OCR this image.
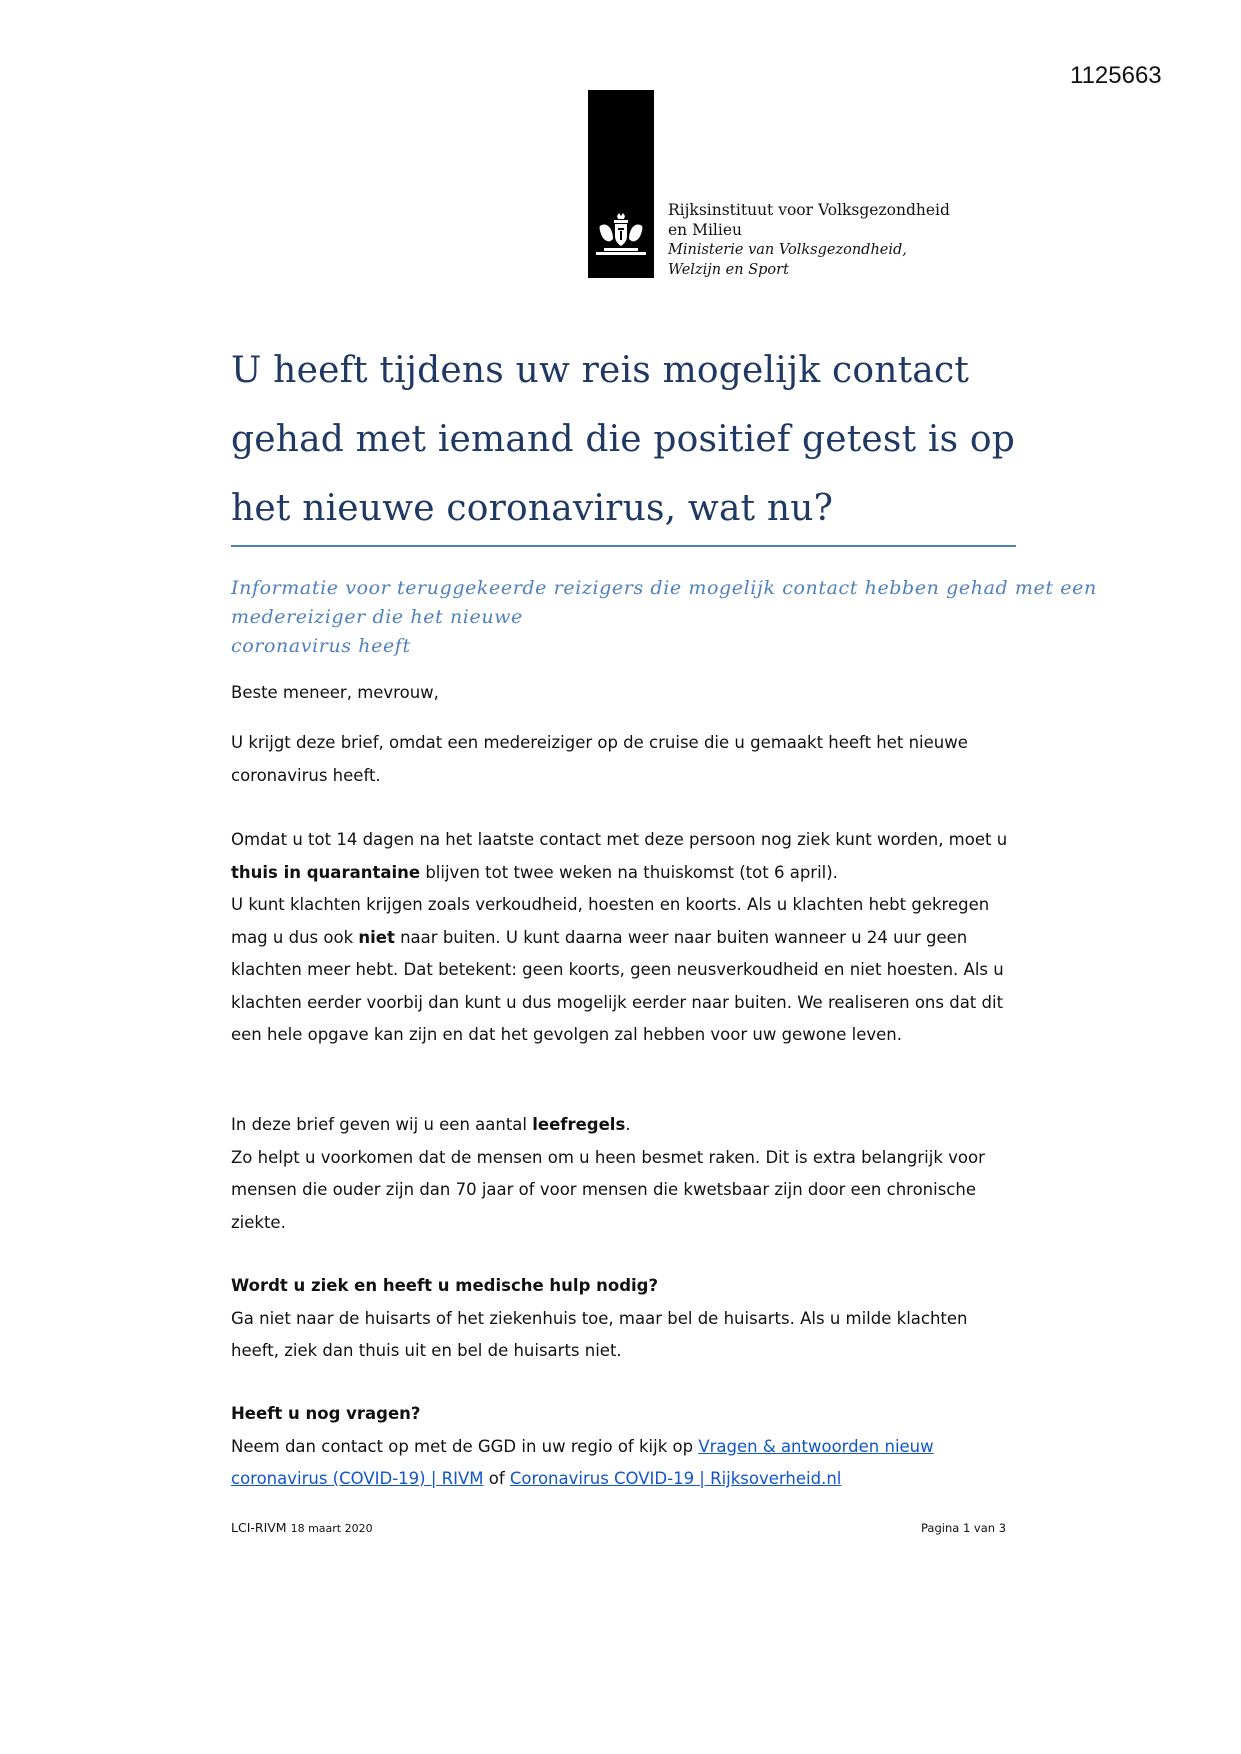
1125663
Rijksinstituut voor Volksgezondheid
en Milieu
Ministerie van Volksgezondheid,
Welzijn en Sport
U heeft tijdens uw reis mogelijk contact gehad met iemand die positief getest is op het nieuwe coronavirus, wat nu?
Informatie voor teruggekeerde reizigers die mogelijk contact hebben gehad met een
medereiziger die het nieuwe
coronavirus heeft

Beste meneer, mevrouw,

U krijgt deze brief, omdat een medereiziger op de cruise die u gemaakt heeft het nieuwe coronavirus heeft.

Omdat u tot 14 dagen na het laatste contact met deze persoon nog ziek kunt worden, moet u thuis in quarantaine blijven tot twee weken na thuiskomst (tot 6 april).
U kunt klachten krijgen zoals verkoudheid, hoesten en koorts. Als u klachten hebt gekregen mag u dus ook niet naar buiten. U kunt daarna weer naar buiten wanneer u 24 uur geen klachten meer hebt. Dat betekent: geen koorts, geen neusverkoudheid en niet hoesten. Als u klachten eerder voorbij dan kunt u dus mogelijk eerder naar buiten. We realiseren ons dat dit een hele opgave kan zijn en dat het gevolgen zal hebben voor uw gewone leven.

In deze brief geven wij u een aantal leefregels.
Zo helpt u voorkomen dat de mensen om u heen besmet raken. Dit is extra belangrijk voor mensen die ouder zijn dan 70 jaar of voor mensen die kwetsbaar zijn door een chronische ziekte.

Wordt u ziek en heeft u medische hulp nodig?

Ga niet naar de huisarts of het ziekenhuis toe, maar bel de huisarts. Als u milde klachten heeft, ziek dan thuis uit en bel de huisarts niet.

Heeft u nog vragen?

Neem dan contact op met de GGD in uw regio of kijk op Vragen & antwoorden nieuw coronavirus (COVID-19) | RIVM of Coronavirus COVID-19 | Rijksoverheid.nl

LCI-RIVM 18 maart 2020	Pagina 1 van 3
